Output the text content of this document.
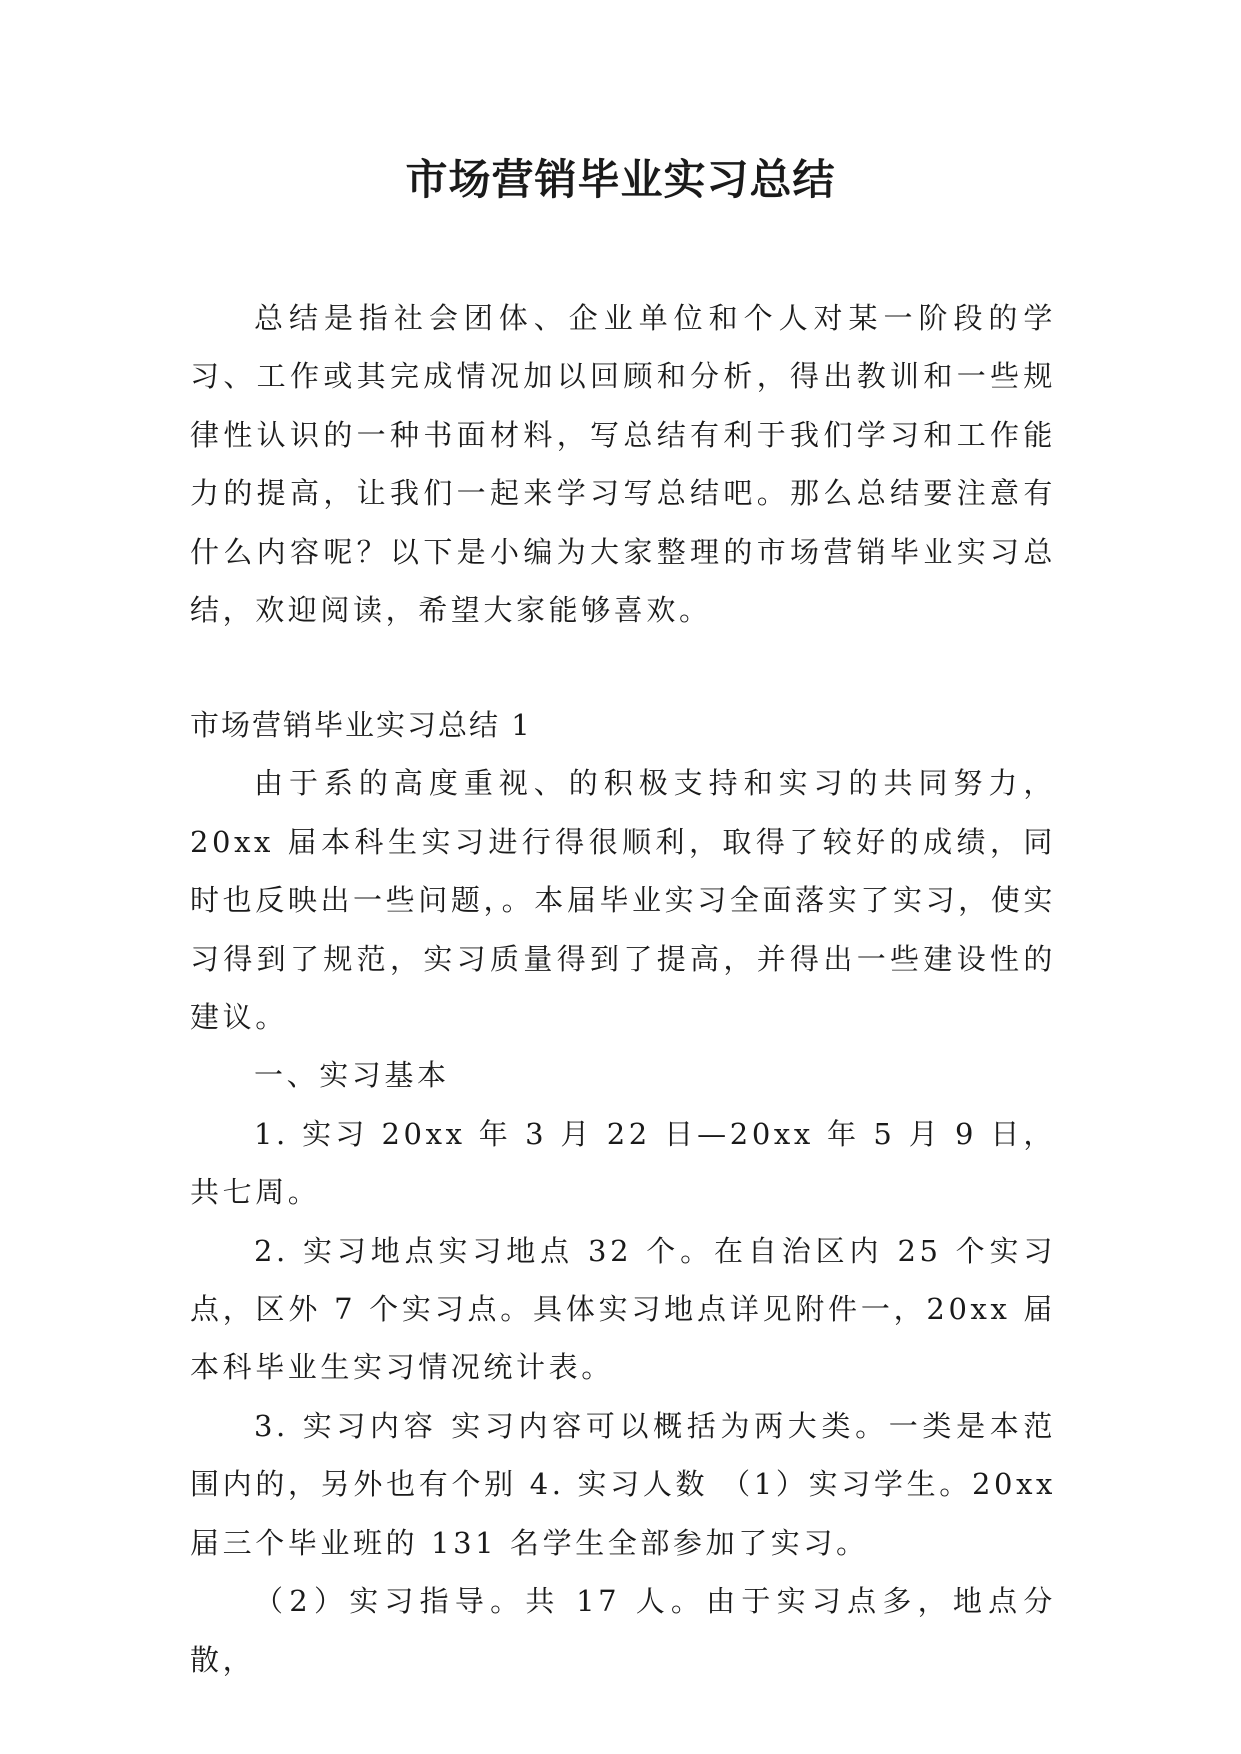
市场营销毕业实习总结

总结是指社会团体、企业单位和个人对某一阶段的学习、工作或其完成情况加以回顾和分析，得出教训和一些规律性认识的一种书面材料，写总结有利于我们学习和工作能力的提高，让我们一起来学习写总结吧。那么总结要注意有什么内容呢？以下是小编为大家整理的市场营销毕业实习总结，欢迎阅读，希望大家能够喜欢。

市场营销毕业实习总结 1

由于系的高度重视、的积极支持和实习的共同努力，20xx 届本科生实习进行得很顺利，取得了较好的成绩，同时也反映出一些问题，。本届毕业实习全面落实了实习，使实习得到了规范，实习质量得到了提高，并得出一些建设性的建议。

一、实习基本

1. 实习 20xx 年 3 月 22 日—20xx 年 5 月 9 日，共七周。

2. 实习地点实习地点 32 个。在自治区内 25 个实习点，区外 7 个实习点。具体实习地点详见附件一，20xx 届本科毕业生实习情况统计表。

3. 实习内容 实习内容可以概括为两大类。一类是本范围内的，另外也有个别 4. 实习人数 （1）实习学生。20xx 届三个毕业班的 131 名学生全部参加了实习。

（2）实习指导。共 17 人。由于实习点多，地点分散，
